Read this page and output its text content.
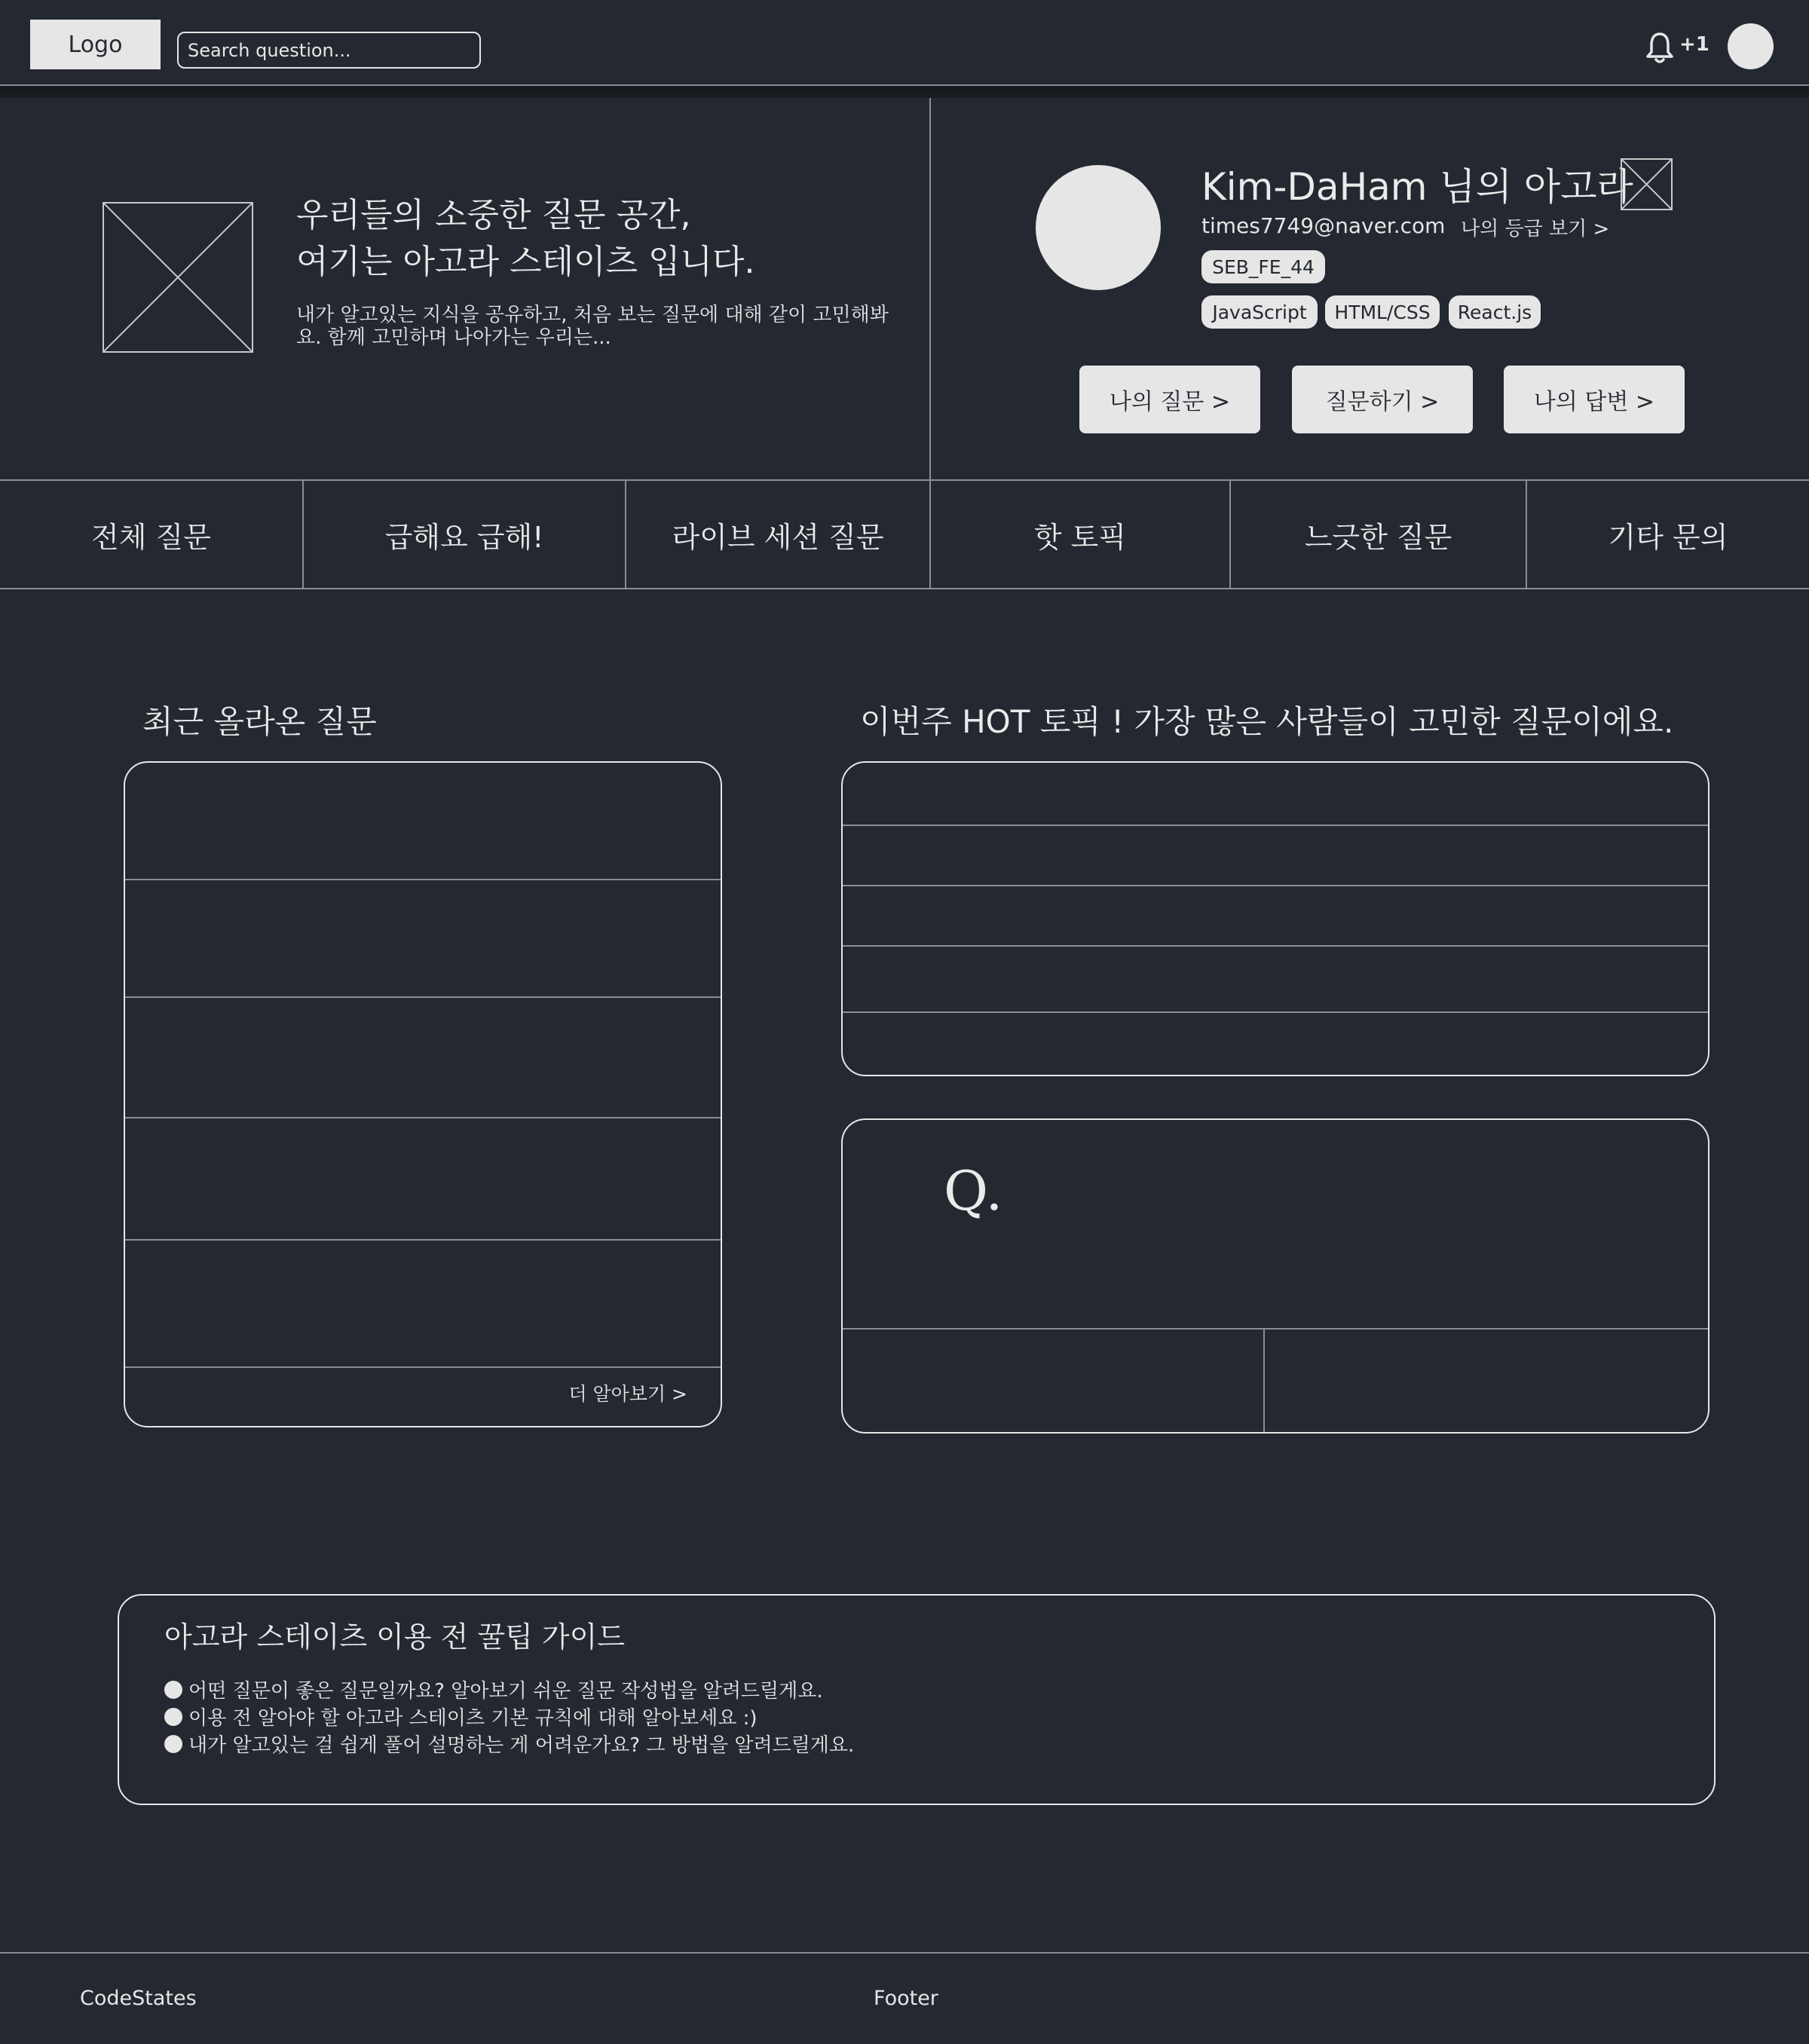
Logo
Search question...	+1
우리들의 소중한 질문 공간,
여기는 아고라 스테이츠 입니다.
내가 알고있는 지식을 공유하고, 처음 보는 질문에 대해 같이 고민해봐요. 함께 고민하며 나아가는 우리는...
Kim-DaHam 님의 아고라
times7749@naver.com 나의 등급 보기 >
SEB_FE_44
JavaScript	HTML/CSS	React.js
나의 질문 >	질문하기 >	나의 답변 >
전체 질문	급해요 급해!	라이브 세션 질문	핫 토픽	느긋한 질문	기타 문의
최근 올라온 질문
더 알아보기 >
이번주 HOT 토픽 ! 가장 많은 사람들이 고민한 질문이에요.
Q.
아고라 스테이츠 이용 전 꿀팁 가이드
어떤 질문이 좋은 질문일까요? 알아보기 쉬운 질문 작성법을 알려드릴게요.
이용 전 알아야 할 아고라 스테이츠 기본 규칙에 대해 알아보세요 :)
내가 알고있는 걸 쉽게 풀어 설명하는 게 어려운가요? 그 방법을 알려드릴게요.
CodeStates	Footer
